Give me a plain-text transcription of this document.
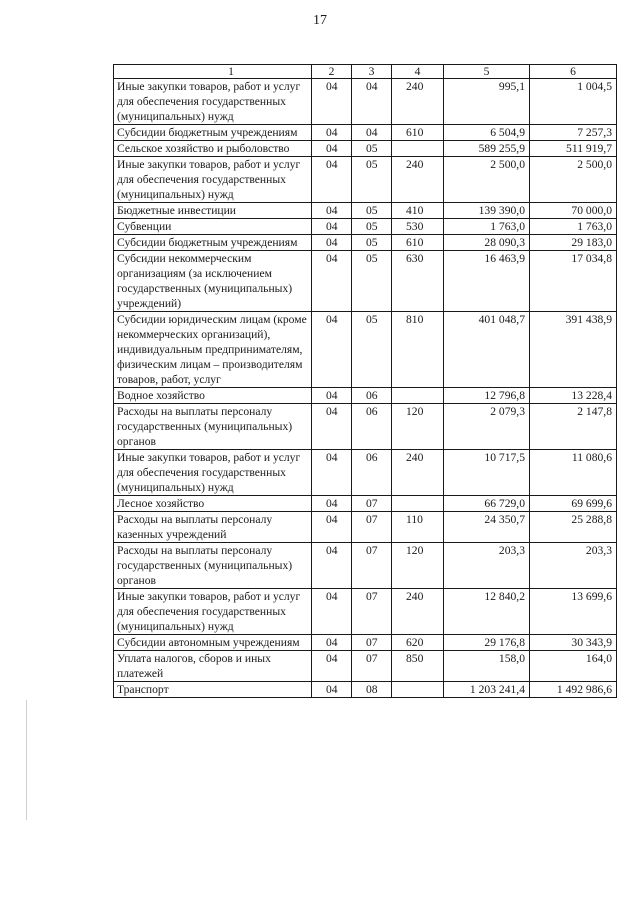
17
1	2	3	4	5	6
Иные закупки товаров, работ и услуг для обеспечения государственных (муниципальных) нужд	04	04	240	995,1	1 004,5
Субсидии бюджетным учреждениям	04	04	610	6 504,9	7 257,3
Сельское хозяйство и рыболовство	04	05		589 255,9	511 919,7
Иные закупки товаров, работ и услуг для обеспечения государственных (муниципальных) нужд	04	05	240	2 500,0	2 500,0
Бюджетные инвестиции	04	05	410	139 390,0	70 000,0
Субвенции	04	05	530	1 763,0	1 763,0
Субсидии бюджетным учреждениям	04	05	610	28 090,3	29 183,0
Субсидии некоммерческим организациям (за исключением государственных (муниципальных) учреждений)	04	05	630	16 463,9	17 034,8
Субсидии юридическим лицам (кроме некоммерческих организаций), индивидуальным предпринимателям, физическим лицам – производителям товаров, работ, услуг	04	05	810	401 048,7	391 438,9
Водное хозяйство	04	06		12 796,8	13 228,4
Расходы на выплаты персоналу государственных (муниципальных) органов	04	06	120	2 079,3	2 147,8
Иные закупки товаров, работ и услуг для обеспечения государственных (муниципальных) нужд	04	06	240	10 717,5	11 080,6
Лесное хозяйство	04	07		66 729,0	69 699,6
Расходы на выплаты персоналу казенных учреждений	04	07	110	24 350,7	25 288,8
Расходы на выплаты персоналу государственных (муниципальных) органов	04	07	120	203,3	203,3
Иные закупки товаров, работ и услуг для обеспечения государственных (муниципальных) нужд	04	07	240	12 840,2	13 699,6
Субсидии автономным учреждениям	04	07	620	29 176,8	30 343,9
Уплата налогов, сборов и иных платежей	04	07	850	158,0	164,0
Транспорт	04	08		1 203 241,4	1 492 986,6
